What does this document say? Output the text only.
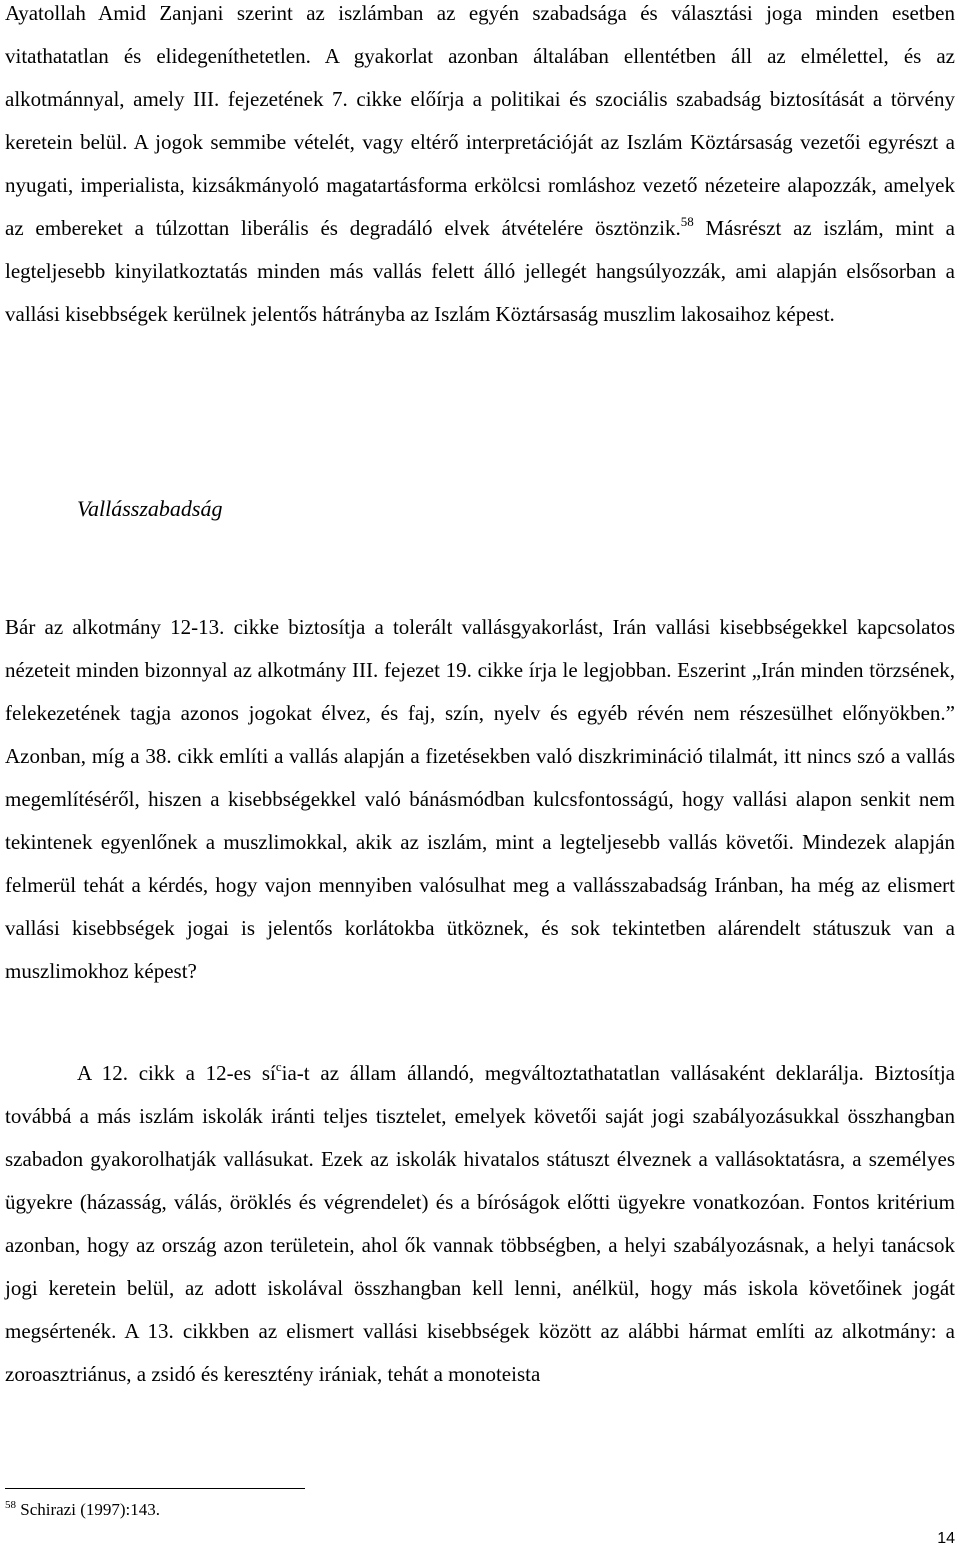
Ayatollah Amid Zanjani szerint az iszlámban az egyén szabadsága és választási joga minden esetben vitathatatlan és elidegeníthetetlen. A gyakorlat azonban általában ellentétben áll az elmélettel, és az alkotmánnyal, amely III. fejezetének 7. cikke előírja a politikai és szociális szabadság biztosítását a törvény keretein belül. A jogok semmibe vételét, vagy eltérő interpretációját az Iszlám Köztársaság vezetői egyrészt a nyugati, imperialista, kizsákmányoló magatartásforma erkölcsi romláshoz vezető nézeteire alapozzák, amelyek az embereket a túlzottan liberális és degradáló elvek átvételére ösztönzik.$^{58}$ Másrészt az iszlám, mint a legteljesebb kinyilatkoztatás minden más vallás felett álló jellegét hangsúlyozzák, ami alapján elsősorban a vallási kisebbségek kerülnek jelentős hátrányba az Iszlám Köztársaság muszlim lakosaihoz képest.

Vallásszabadság

Bár az alkotmány 12-13. cikke biztosítja a tolerált vallásgyakorlást, Irán vallási kisebbségekkel kapcsolatos nézeteit minden bizonnyal az alkotmány III. fejezet 19. cikke írja le legjobban. Eszerint „Irán minden törzsének, felekezetének tagja azonos jogokat élvez, és faj, szín, nyelv és egyéb révén nem részesülhet előnyökben.” Azonban, míg a 38. cikk említi a vallás alapján a fizetésekben való diszkrimináció tilalmát, itt nincs szó a vallás megemlítéséről, hiszen a kisebbségekkel való bánásmódban kulcsfontosságú, hogy vallási alapon senkit nem tekintenek egyenlőnek a muszlimokkal, akik az iszlám, mint a legteljesebb vallás követői. Mindezek alapján felmerül tehát a kérdés, hogy vajon mennyiben valósulhat meg a vallásszabadság Iránban, ha még az elismert vallási kisebbségek jogai is jelentős korlátokba ütköznek, és sok tekintetben alárendelt státuszuk van a muszlimokhoz képest?

A 12. cikk a 12-es $sí^cia-t$ az állam állandó, megváltoztathatatlan vallásaként deklarálja. Biztosítja továbbá a más iszlám iskolák iránti teljes tisztelet, emelyek követői saját jogi szabályozásukkal összhangban szabadon gyakorolhatják vallásukat. Ezek az iskolák hivatalos státuszt élveznek a vallásoktatásra, a személyes ügyekre (házasság, válás, öröklés és végrendelet) és a bíróságok előtti ügyekre vonatkozóan. Fontos kritérium azonban, hogy az ország azon területein, ahol ők vannak többségben, a helyi szabályozásnak, a helyi tanácsok jogi keretein belül, az adott iskolával összhangban kell lenni, anélkül, hogy más iskola követőinek jogát megsértenék. A 13. cikkben az elismert vallási kisebbségek között az alábbi hármat említi az alkotmány: a zoroasztriánus, a zsidó és keresztény irániak, tehát a monoteista

$^{58}$ Schirazi (1997):143.

14
